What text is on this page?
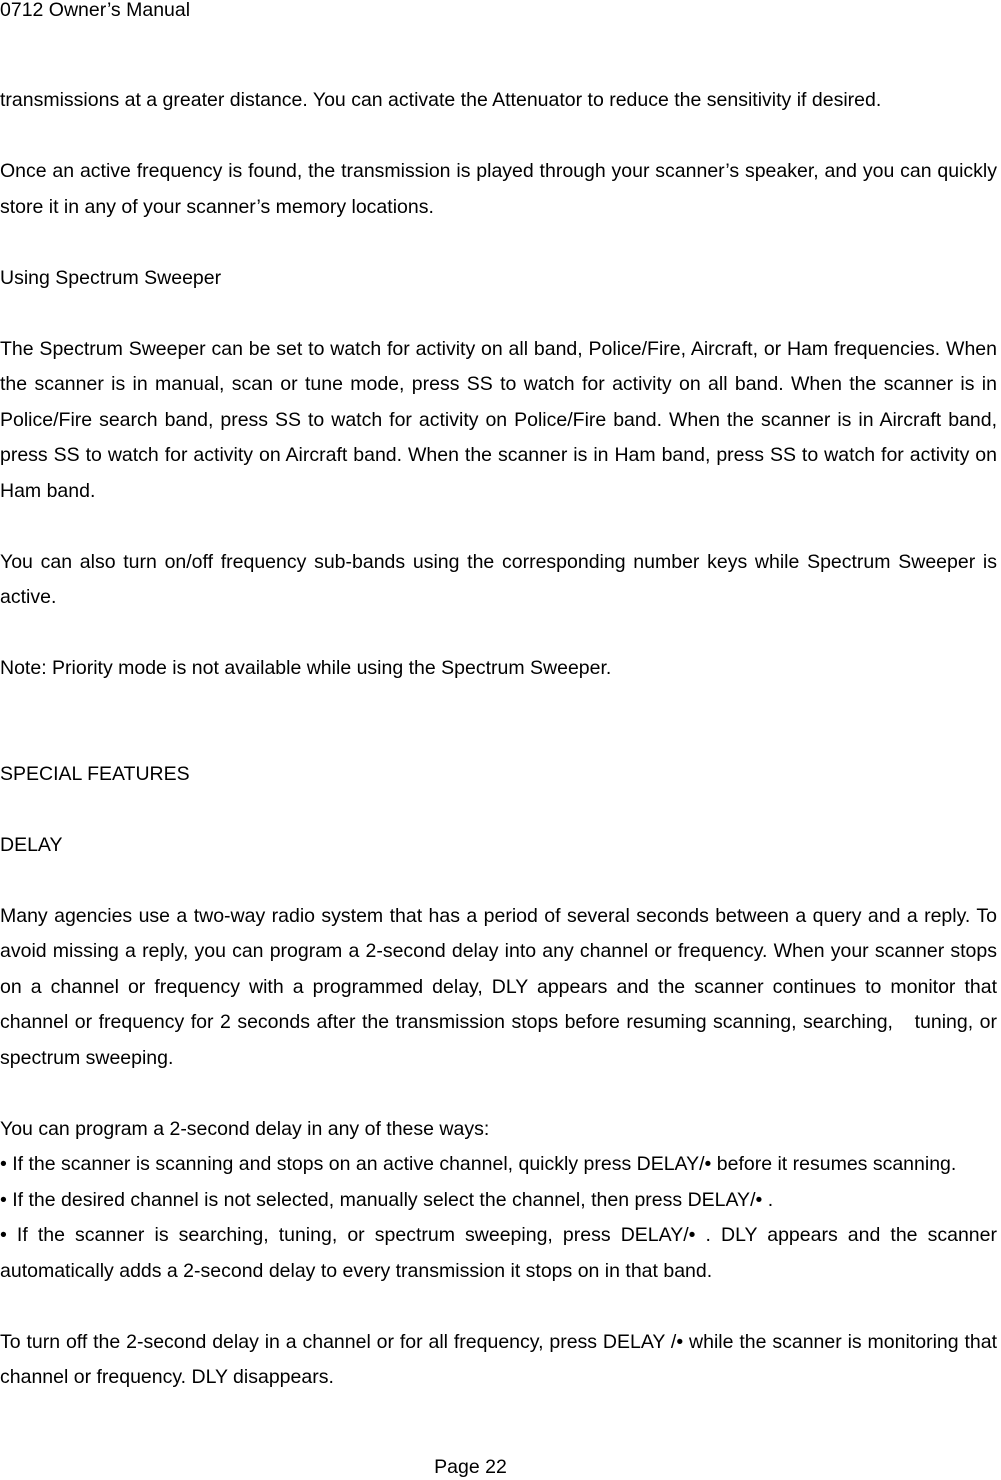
0712 Owner’s Manual

transmissions at a greater distance. You can activate the Attenuator to reduce the sensitivity if desired.

Once an active frequency is found, the transmission is played through your scanner’s speaker, and you can quickly store it in any of your scanner’s memory locations.

Using Spectrum Sweeper

The Spectrum Sweeper can be set to watch for activity on all band, Police/Fire, Aircraft, or Ham frequencies. When the scanner is in manual, scan or tune mode, press SS to watch for activity on all band. When the scanner is in Police/Fire search band, press SS to watch for activity on Police/Fire band. When the scanner is in Aircraft band, press SS to watch for activity on Aircraft band. When the scanner is in Ham band, press SS to watch for activity on Ham band.

You can also turn on/off frequency sub-bands using the corresponding number keys while Spectrum Sweeper is active.

Note: Priority mode is not available while using the Spectrum Sweeper.

SPECIAL FEATURES

DELAY

Many agencies use a two-way radio system that has a period of several seconds between a query and a reply. To avoid missing a reply, you can program a 2-second delay into any channel or frequency. When your scanner stops on a channel or frequency with a programmed delay, DLY appears and the scanner continues to monitor that channel or frequency for 2 seconds after the transmission stops before resuming scanning, searching,　tuning, or spectrum sweeping.

You can program a 2-second delay in any of these ways:

• If the scanner is scanning and stops on an active channel, quickly press DELAY/• before it resumes scanning.

• If the desired channel is not selected, manually select the channel, then press DELAY/• .

• If the scanner is searching, tuning, or spectrum sweeping, press DELAY/• . DLY appears and the scanner automatically adds a 2-second delay to every transmission it stops on in that band.

To turn off the 2-second delay in a channel or for all frequency, press DELAY /• while the scanner is monitoring that channel or frequency. DLY disappears.

Page 22
